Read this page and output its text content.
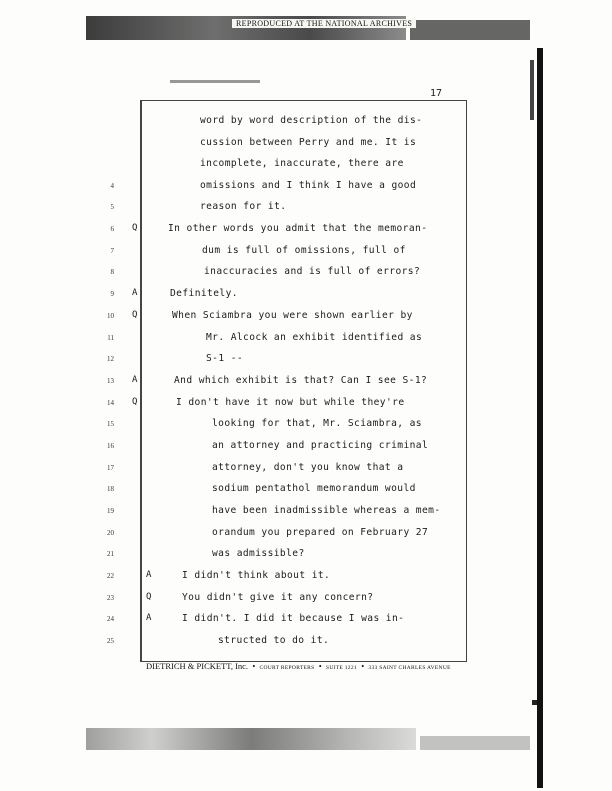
REPRODUCED AT THE NATIONAL ARCHIVES
17
word by word description of the dis-
cussion between Perry and me. It is
incomplete, inaccurate, there are
4	omissions and I think I have a good
5	reason for it.
6 Q	In other words you admit that the memoran-
7	dum is full of omissions, full of
8	inaccuracies and is full of errors?
9 A	Definitely.
10 Q	When Sciambra you were shown earlier by
11	Mr. Alcock an exhibit identified as
12	S-1 --
13 A	And which exhibit is that? Can I see S-1?
14 Q	I don't have it now but while they're
15	looking for that, Mr. Sciambra, as
16	an attorney and practicing criminal
17	attorney, don't you know that a
18	sodium pentathol memorandum would
19	have been inadmissible whereas a mem-
20	orandum you prepared on February 27
21	was admissible?
22	A	I didn't think about it.
23	Q	You didn't give it any concern?
24	A	I didn't. I did it because I was in-
25	structed to do it.
DIETRICH & PICKETT, Inc.  •  COURT REPORTERS  •  SUITE 1221  •  333 SAINT CHARLES AVENUE
